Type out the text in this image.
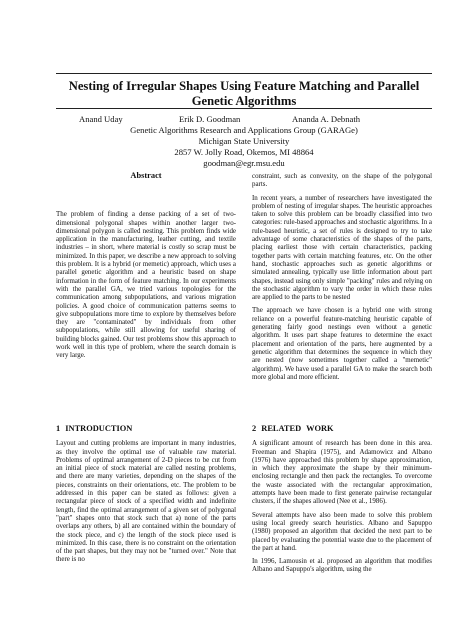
Nesting of Irregular Shapes Using Feature Matching and Parallel Genetic Algorithms
Anand Uday	Erik D. Goodman	Ananda A. Debnath
Genetic Algorithms Research and Applications Group (GARAGe)
Michigan State University
2857 W. Jolly Road, Okemos, MI 48864
goodman@egr.msu.edu
Abstract

The problem of finding a dense packing of a set of two-dimensional polygonal shapes within another larger two-dimensional polygon is called nesting. This problem finds wide application in the manufacturing, leather cutting, and textile industries – in short, where material is costly so scrap must be minimized. In this paper, we describe a new approach to solving this problem. It is a hybrid (or memetic) approach, which uses a parallel genetic algorithm and a heuristic based on shape information in the form of feature matching. In our experiments with the parallel GA, we tried various topologies for the communication among subpopulations, and various migration policies. A good choice of communication patterns seems to give subpopulations more time to explore by themselves before they are "contaminated" by individuals from other subpopulations, while still allowing for useful sharing of building blocks gained. Our test problems show this approach to work well in this type of problem, where the search domain is very large.

constraint, such as convexity, on the shape of the polygonal parts.

In recent years, a number of researchers have investigated the problem of nesting of irregular shapes. The heuristic approaches taken to solve this problem can be broadly classified into two categories: rule-based approaches and stochastic algorithms. In a rule-based heuristic, a set of rules is designed to try to take advantage of some characteristics of the shapes of the parts, placing earliest those with certain characteristics, packing together parts with certain matching features, etc. On the other hand, stochastic approaches such as genetic algorithms or simulated annealing, typically use little information about part shapes, instead using only simple "packing" rules and relying on the stochastic algorithm to vary the order in which these rules are applied to the parts to be nested

The approach we have chosen is a hybrid one with strong reliance on a powerful feature-matching heuristic capable of generating fairly good nestings even without a genetic algorithm. It uses part shape features to determine the exact placement and orientation of the parts, here augmented by a genetic algorithm that determines the sequence in which they are nested (now sometimes together called a "memetic" algorithm). We have used a parallel GA to make the search both more global and more efficient.

1 INTRODUCTION

Layout and cutting problems are important in many industries, as they involve the optimal use of valuable raw material. Problems of optimal arrangement of 2-D pieces to be cut from an initial piece of stock material are called nesting problems, and there are many varieties, depending on the shapes of the pieces, constraints on their orientations, etc. The problem to be addressed in this paper can be stated as follows: given a rectangular piece of stock of a specified width and indefinite length, find the optimal arrangement of a given set of polygonal "part" shapes onto that stock such that a) none of the parts overlaps any others, b) all are contained within the boundary of the stock piece, and c) the length of the stock piece used is minimized. In this case, there is no constraint on the orientation of the part shapes, but they may not be "turned over." Note that there is no

2 RELATED WORK

A significant amount of research has been done in this area. Freeman and Shapira (1975), and Adamowicz and Albano (1976) have approached this problem by shape approximation, in which they approximate the shape by their minimum-enclosing rectangle and then pack the rectangles. To overcome the waste associated with the rectangular approximation, attempts have been made to first generate pairwise rectangular clusters, if the shapes allowed (Nee et al., 1986).

Several attempts have also been made to solve this problem using local greedy search heuristics. Albano and Sapuppo (1980) proposed an algorithm that decided the next part to be placed by evaluating the potential waste due to the placement of the part at hand.

In 1996, Lamousin et al. proposed an algorithm that modifies Albano and Sapuppo's algorithm, using the
